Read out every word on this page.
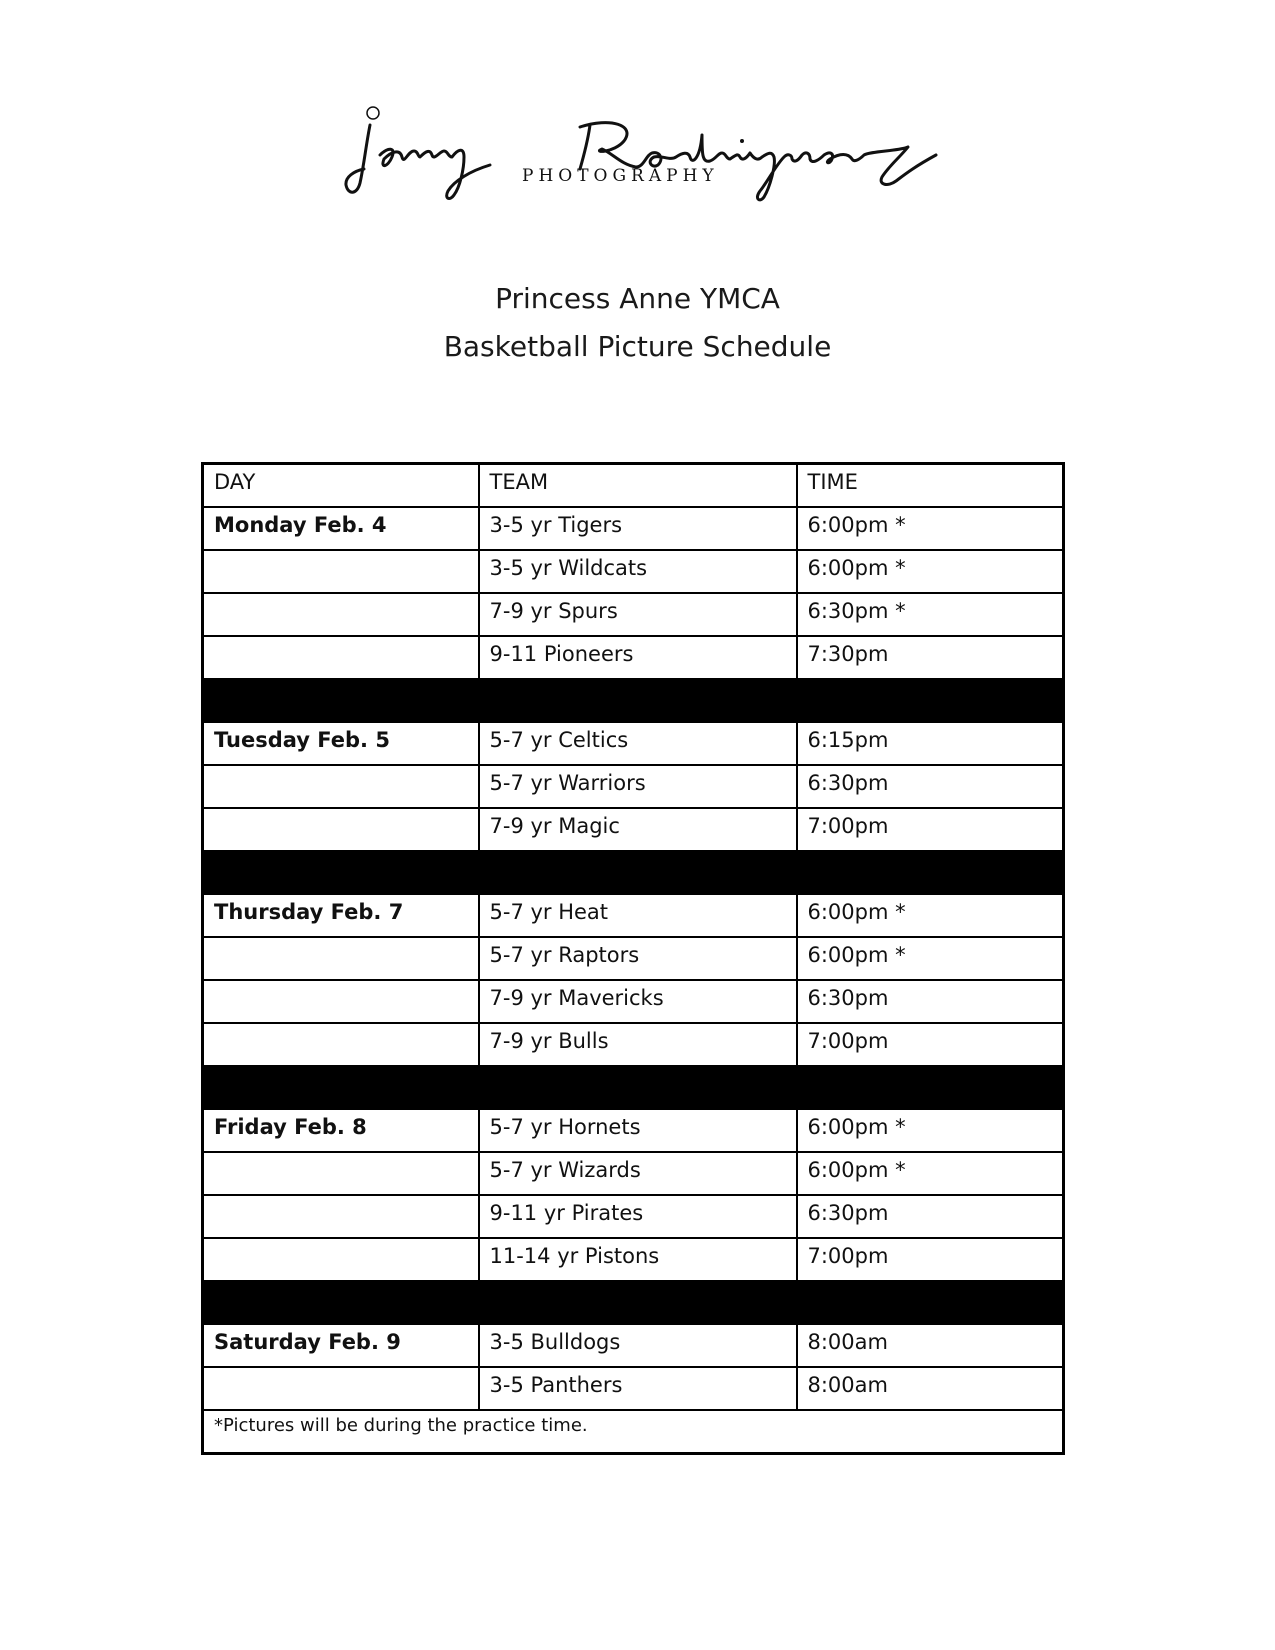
PHOTOGRAPHY
Princess Anne YMCA
Basketball Picture Schedule
DAY	TEAM	TIME
Monday Feb. 4	3-5 yr Tigers	6:00pm *
	3-5 yr Wildcats	6:00pm *
	7-9 yr Spurs	6:30pm *
	9-11 Pioneers	7:30pm

Tuesday Feb. 5	5-7 yr Celtics	6:15pm
	5-7 yr Warriors	6:30pm
	7-9 yr Magic	7:00pm

Thursday Feb. 7	5-7 yr Heat	6:00pm *
	5-7 yr Raptors	6:00pm *
	7-9 yr Mavericks	6:30pm
	7-9 yr Bulls	7:00pm

Friday Feb. 8	5-7 yr Hornets	6:00pm *
	5-7 yr Wizards	6:00pm *
	9-11 yr Pirates	6:30pm
	11-14 yr Pistons	7:00pm

Saturday Feb. 9	3-5 Bulldogs	8:00am
	3-5 Panthers	8:00am
*Pictures will be during the practice time.		
